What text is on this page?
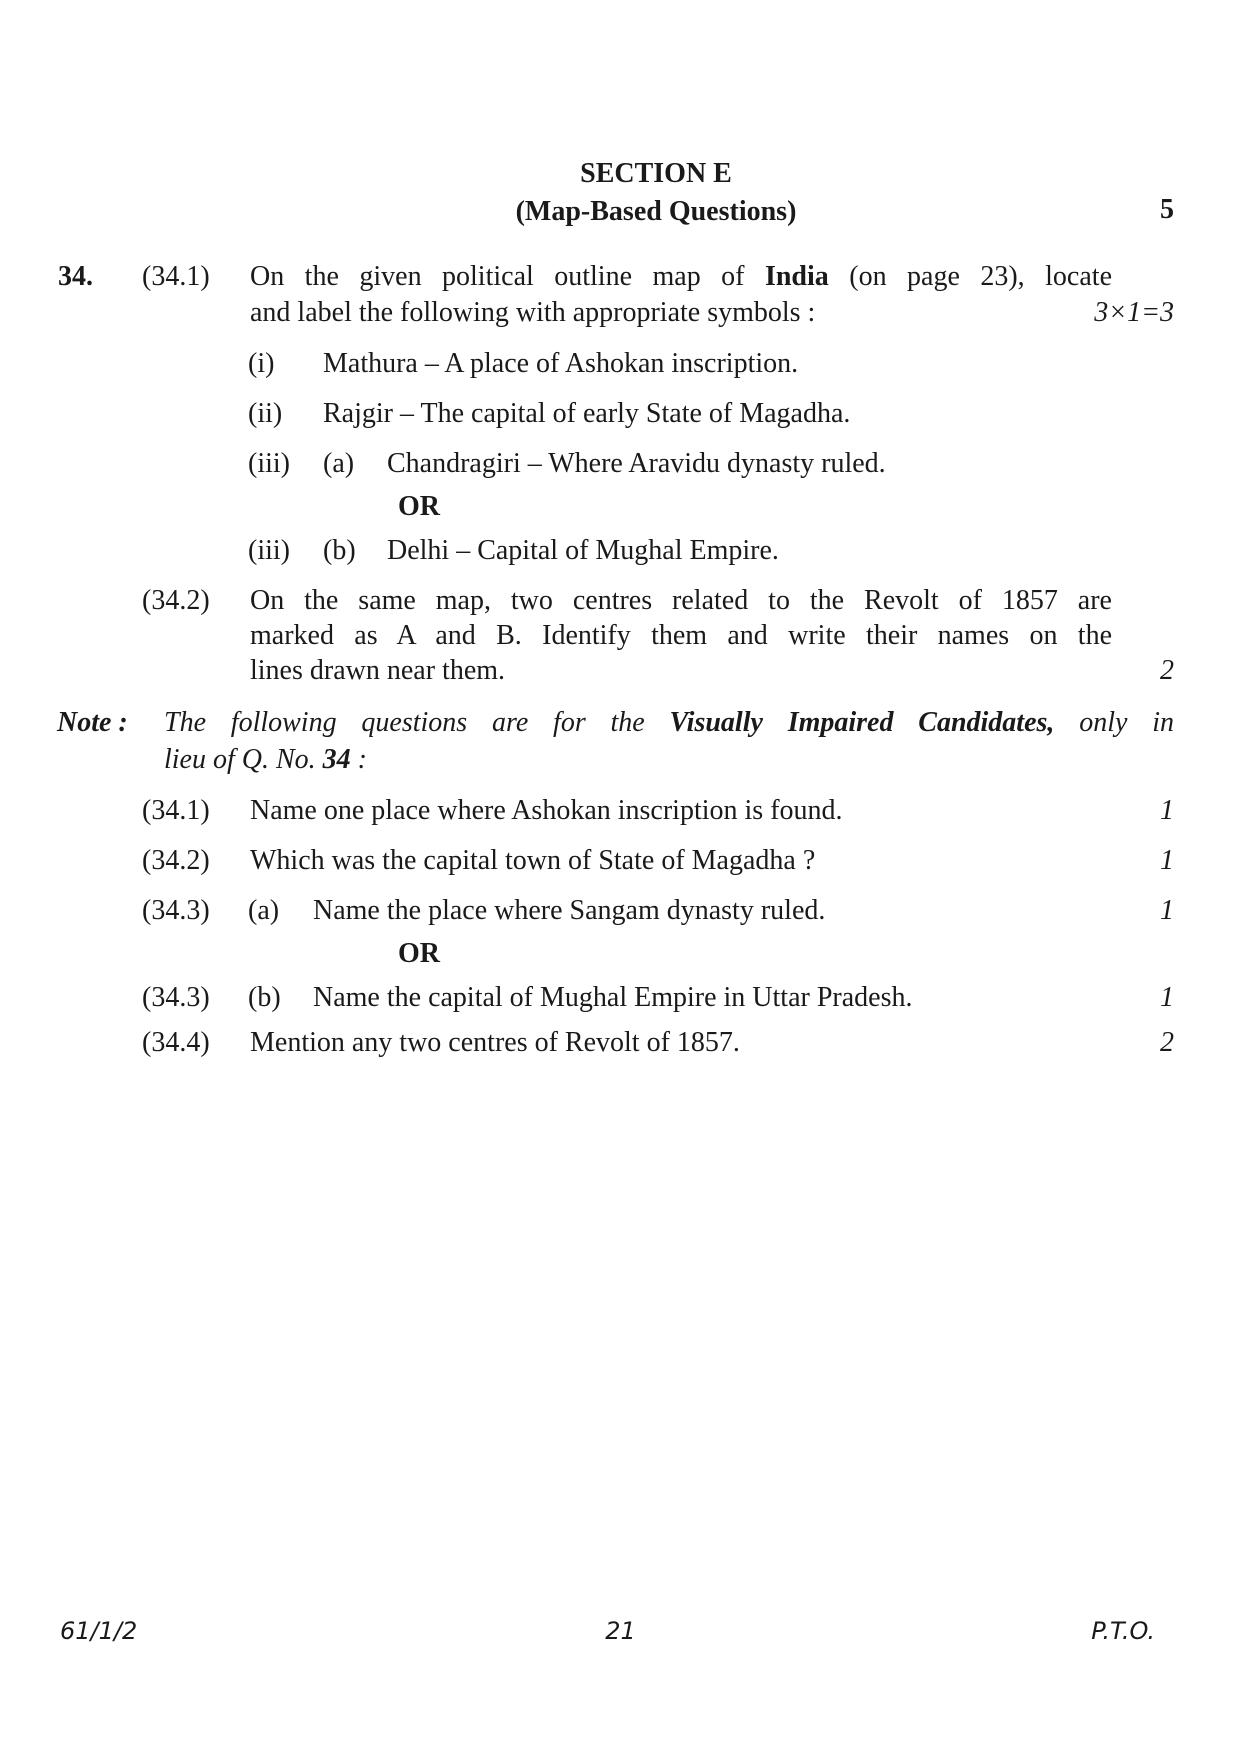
SECTION E
(Map-Based Questions)	5
34. (34.1) On the given political outline map of India (on page 23), locate
and label the following with appropriate symbols :	3×1=3
(i) Mathura – A place of Ashokan inscription.
(ii) Rajgir – The capital of early State of Magadha.
(iii) (a) Chandragiri – Where Aravidu dynasty ruled.
OR
(iii) (b) Delhi – Capital of Mughal Empire.
(34.2) On the same map, two centres related to the Revolt of 1857 are
marked as A and B. Identify them and write their names on the
lines drawn near them.	2
Note : The following questions are for the Visually Impaired Candidates, only in
lieu of Q. No. 34 :
(34.1) Name one place where Ashokan inscription is found.	1
(34.2) Which was the capital town of State of Magadha ?	1
(34.3) (a) Name the place where Sangam dynasty ruled.	1
OR
(34.3) (b) Name the capital of Mughal Empire in Uttar Pradesh.	1
(34.4) Mention any two centres of Revolt of 1857.	2
61/1/2	21	P.T.O.
